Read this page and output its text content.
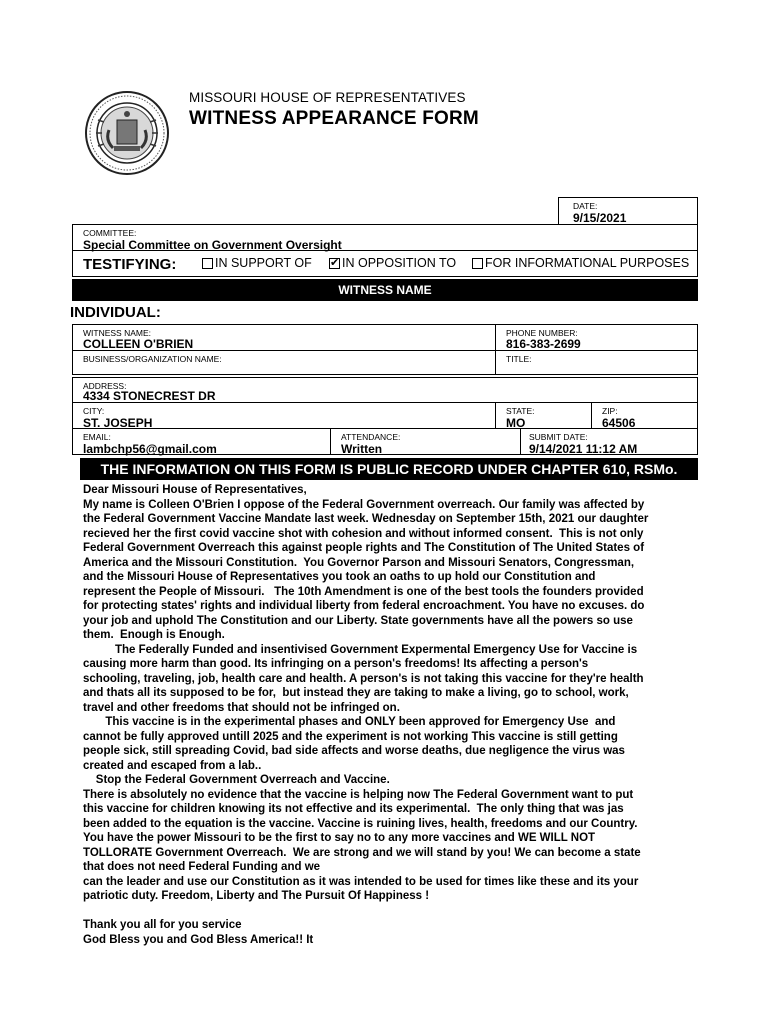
MISSOURI HOUSE OF REPRESENTATIVES
WITNESS APPEARANCE FORM
DATE:
9/15/2021
COMMITTEE:
Special Committee on Government Oversight
TESTIFYING:	IN SUPPORT OF ✔ IN OPPOSITION TO FOR INFORMATIONAL PURPOSES
WITNESS NAME
INDIVIDUAL:
WITNESS NAME:
COLLEEN O'BRIEN
PHONE NUMBER:
816-383-2699
BUSINESS/ORGANIZATION NAME:	TITLE:
ADDRESS:
4334 STONECREST DR
CITY:
ST. JOSEPH
STATE:
MO
ZIP:
64506
EMAIL:
lambchp56@gmail.com
ATTENDANCE:
Written
SUBMIT DATE:
9/14/2021 11:12 AM
THE INFORMATION ON THIS FORM IS PUBLIC RECORD UNDER CHAPTER 610, RSMo.

Dear Missouri House of Representatives,

My name is Colleen O'Brien I oppose of the Federal Government overreach. Our family was affected by

the Federal Government Vaccine Mandate last week. Wednesday on September 15th, 2021 our daughter

recieved her the first covid vaccine shot with cohesion and without informed consent.  This is not only

Federal Government Overreach this against people rights and The Constitution of The United States of

America and the Missouri Constitution.  You Governor Parson and Missouri Senators, Congressman,

and the Missouri House of Representatives you took an oaths to up hold our Constitution and

represent the People of Missouri.   The 10th Amendment is one of the best tools the founders provided

for protecting states' rights and individual liberty from federal encroachment. You have no excuses. do

your job and uphold The Constitution and our Liberty. State governments have all the powers so use

them.  Enough is Enough.

The Federally Funded and insentivised Government Expermental Emergency Use for Vaccine is

causing more harm than good. Its infringing on a person's freedoms! Its affecting a person's

schooling, traveling, job, health care and health. A person's is not taking this vaccine for they're health

and thats all its supposed to be for,  but instead they are taking to make a living, go to school, work,

travel and other freedoms that should not be infringed on.

This vaccine is in the experimental phases and ONLY been approved for Emergency Use  and

cannot be fully approved untill 2025 and the experiment is not working This vaccine is still getting

people sick, still spreading Covid, bad side affects and worse deaths, due negligence the virus was

created and escaped from a lab..

Stop the Federal Government Overreach and Vaccine.

There is absolutely no evidence that the vaccine is helping now The Federal Government want to put

this vaccine for children knowing its not effective and its experimental.  The only thing that was jas

been added to the equation is the vaccine. Vaccine is ruining lives, health, freedoms and our Country.

You have the power Missouri to be the first to say no to any more vaccines and WE WILL NOT

TOLLORATE Government Overreach.  We are strong and we will stand by you! We can become a state

that does not need Federal Funding and we

can the leader and use our Constitution as it was intended to be used for times like these and its your

patriotic duty. Freedom, Liberty and The Pursuit Of Happiness !

Thank you all for you service

God Bless you and God Bless America!! It
